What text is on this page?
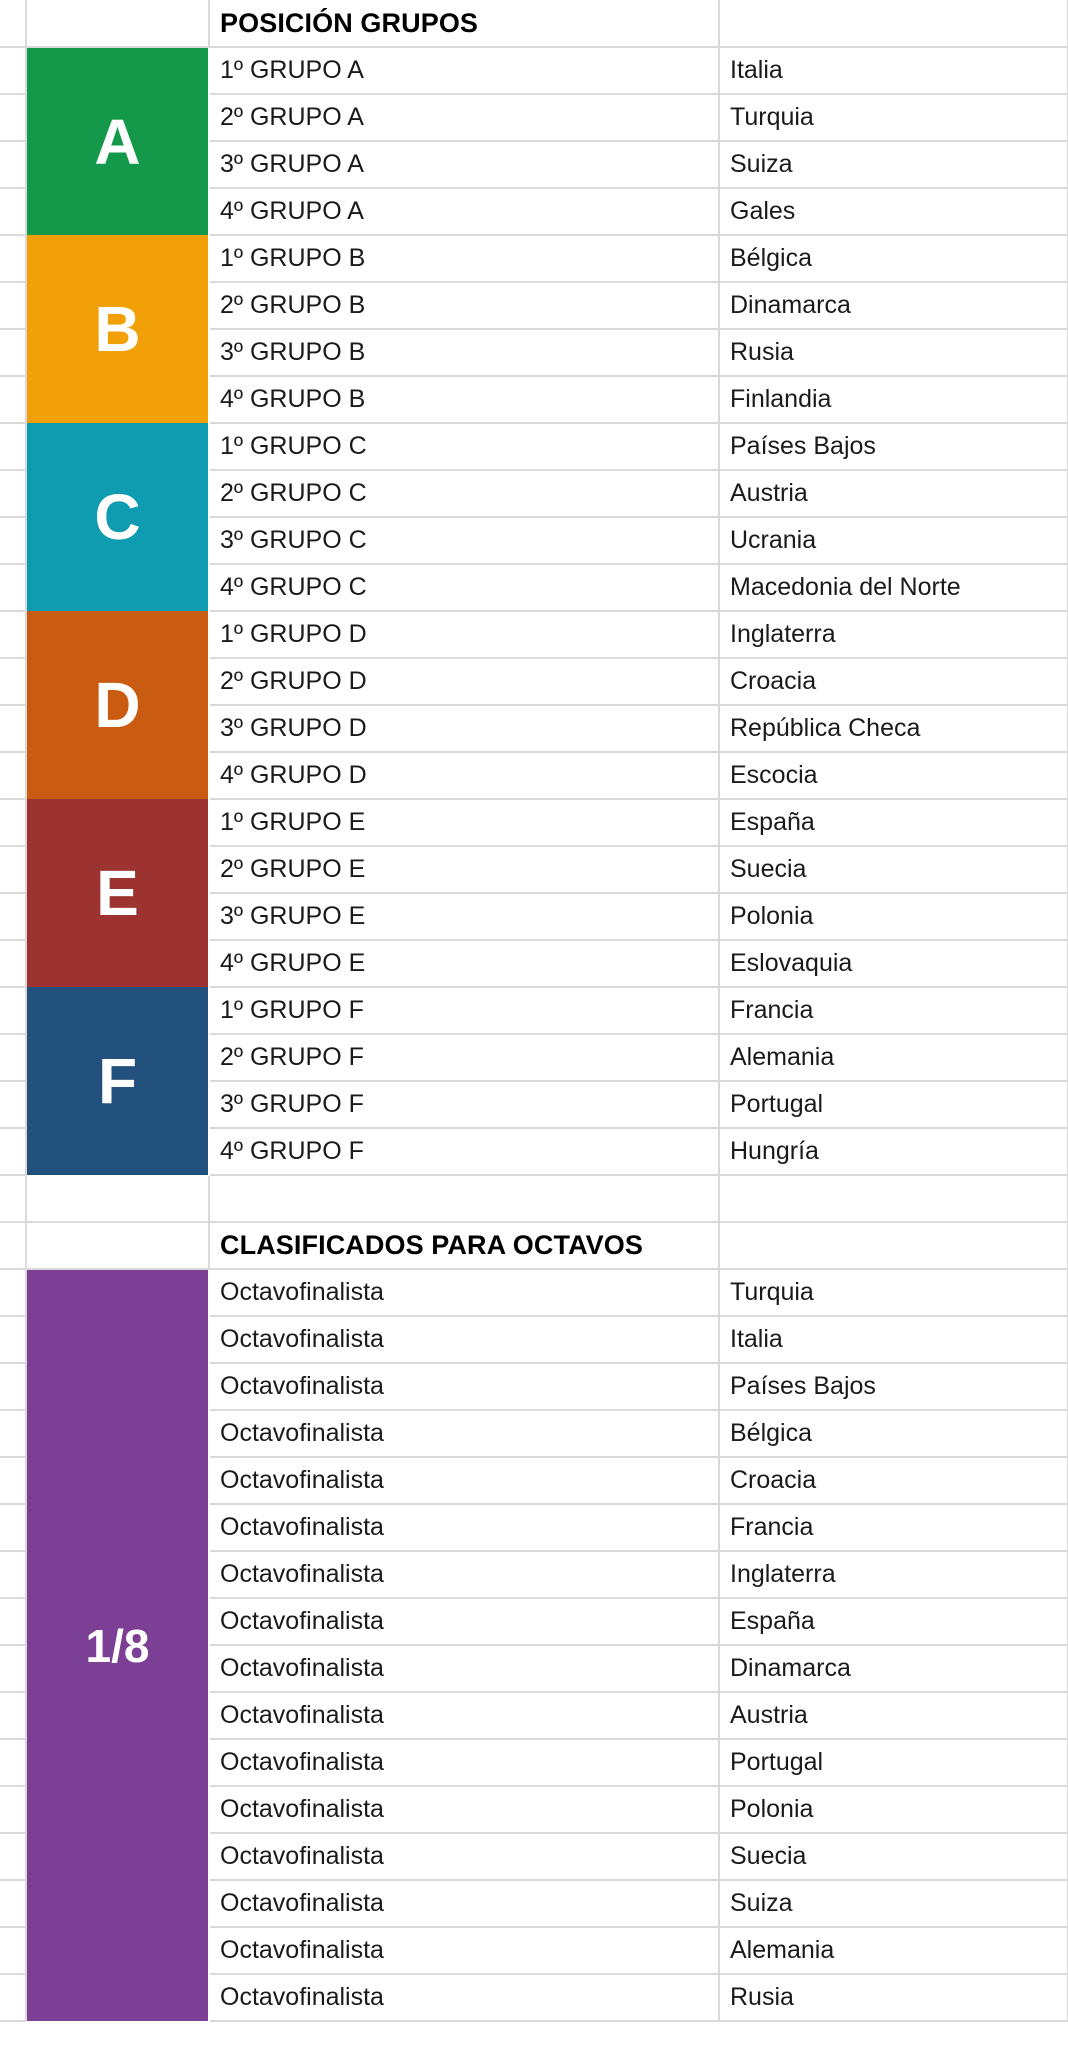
		POSICIÓN GRUPOS	
	A	1º GRUPO A	Italia
		2º GRUPO A	Turquia
		3º GRUPO A	Suiza
		4º GRUPO A	Gales
	B	1º GRUPO B	Bélgica
		2º GRUPO B	Dinamarca
		3º GRUPO B	Rusia
		4º GRUPO B	Finlandia
	C	1º GRUPO C	Países Bajos
		2º GRUPO C	Austria
		3º GRUPO C	Ucrania
		4º GRUPO C	Macedonia del Norte
	D	1º GRUPO D	Inglaterra
		2º GRUPO D	Croacia
		3º GRUPO D	República Checa
		4º GRUPO D	Escocia
	E	1º GRUPO E	España
		2º GRUPO E	Suecia
		3º GRUPO E	Polonia
		4º GRUPO E	Eslovaquia
	F	1º GRUPO F	Francia
		2º GRUPO F	Alemania
		3º GRUPO F	Portugal
		4º GRUPO F	Hungría

		CLASIFICADOS PARA OCTAVOS	
	1/8	Octavofinalista	Turquia
		Octavofinalista	Italia
		Octavofinalista	Países Bajos
		Octavofinalista	Bélgica
		Octavofinalista	Croacia
		Octavofinalista	Francia
		Octavofinalista	Inglaterra
		Octavofinalista	España
		Octavofinalista	Dinamarca
		Octavofinalista	Austria
		Octavofinalista	Portugal
		Octavofinalista	Polonia
		Octavofinalista	Suecia
		Octavofinalista	Suiza
		Octavofinalista	Alemania
		Octavofinalista	Rusia
